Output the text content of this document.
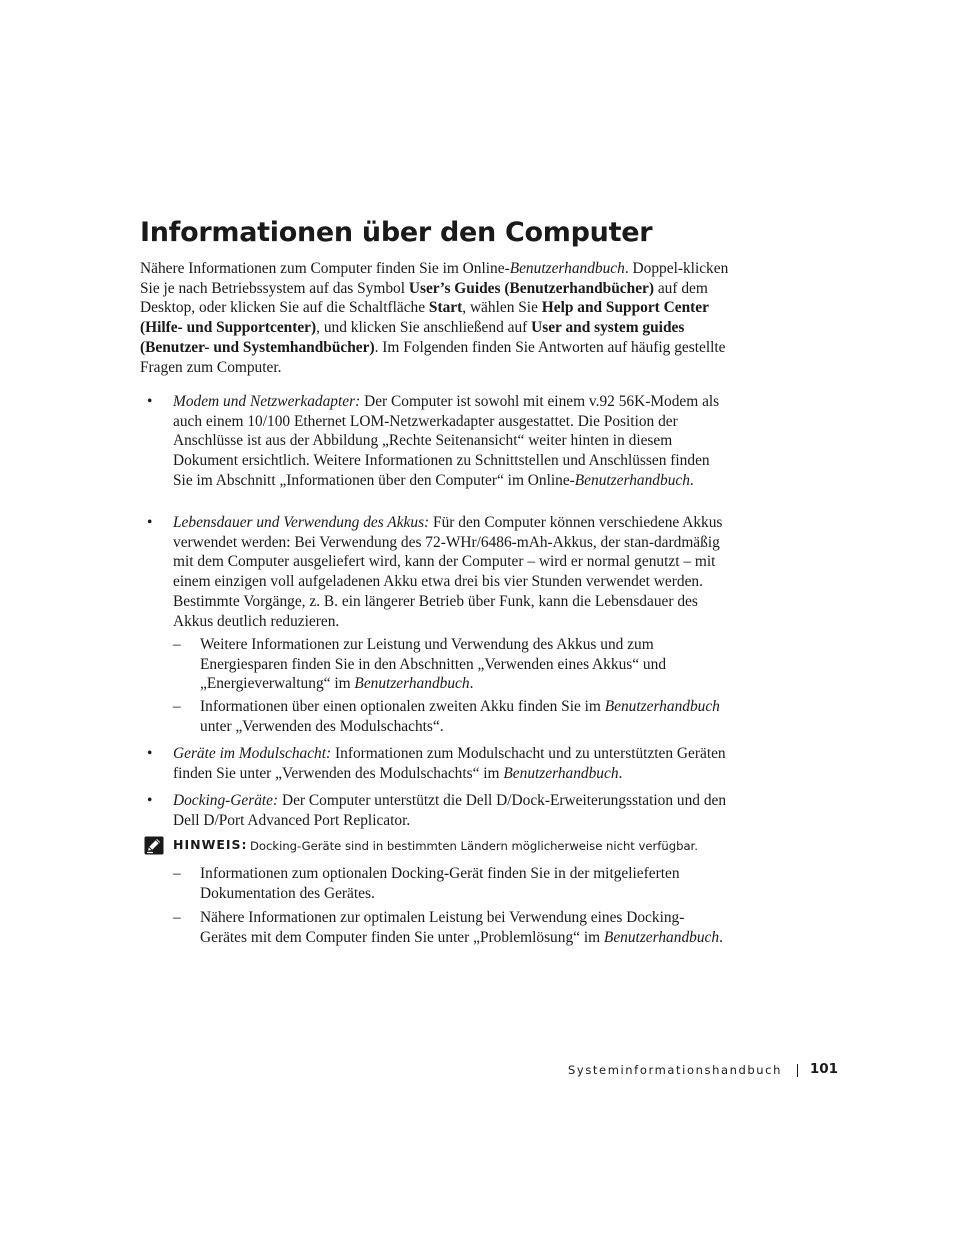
Informationen über den Computer

Nähere Informationen zum Computer finden Sie im Online-Benutzerhandbuch. Doppel-klicken Sie je nach Betriebssystem auf das Symbol User’s Guides (Benutzerhandbücher) auf dem Desktop, oder klicken Sie auf die Schaltfläche Start, wählen Sie Help and Support Center (Hilfe- und Supportcenter), und klicken Sie anschließend auf User and system guides (Benutzer- und Systemhandbücher). Im Folgenden finden Sie Antworten auf häufig gestellte Fragen zum Computer.

• Modem und Netzwerkadapter: Der Computer ist sowohl mit einem v.92 56K-Modem als auch einem 10/100 Ethernet LOM-Netzwerkadapter ausgestattet. Die Position der Anschlüsse ist aus der Abbildung „Rechte Seitenansicht“ weiter hinten in diesem Dokument ersichtlich. Weitere Informationen zu Schnittstellen und Anschlüssen finden Sie im Abschnitt „Informationen über den Computer“ im Online-Benutzerhandbuch.

• Lebensdauer und Verwendung des Akkus: Für den Computer können verschiedene Akkus verwendet werden: Bei Verwendung des 72-WHr/6486-mAh-Akkus, der stan-dardmäßig mit dem Computer ausgeliefert wird, kann der Computer – wird er normal genutzt – mit einem einzigen voll aufgeladenen Akku etwa drei bis vier Stunden verwendet werden. Bestimmte Vorgänge, z. B. ein längerer Betrieb über Funk, kann die Lebensdauer des Akkus deutlich reduzieren.

– Weitere Informationen zur Leistung und Verwendung des Akkus und zum Energiesparen finden Sie in den Abschnitten „Verwenden eines Akkus“ und „Energieverwaltung“ im Benutzerhandbuch.

– Informationen über einen optionalen zweiten Akku finden Sie im Benutzerhandbuch unter „Verwenden des Modulschachts“.

• Geräte im Modulschacht: Informationen zum Modulschacht und zu unterstützten Geräten finden Sie unter „Verwenden des Modulschachts“ im Benutzerhandbuch.

• Docking-Geräte: Der Computer unterstützt die Dell D/Dock-Erweiterungsstation und den Dell D/Port Advanced Port Replicator.

HINWEIS: Docking-Geräte sind in bestimmten Ländern möglicherweise nicht verfügbar.

– Informationen zum optionalen Docking-Gerät finden Sie in der mitgelieferten Dokumentation des Gerätes.

– Nähere Informationen zur optimalen Leistung bei Verwendung eines Docking-Gerätes mit dem Computer finden Sie unter „Problemlösung“ im Benutzerhandbuch.

Systeminformationshandbuch 101
